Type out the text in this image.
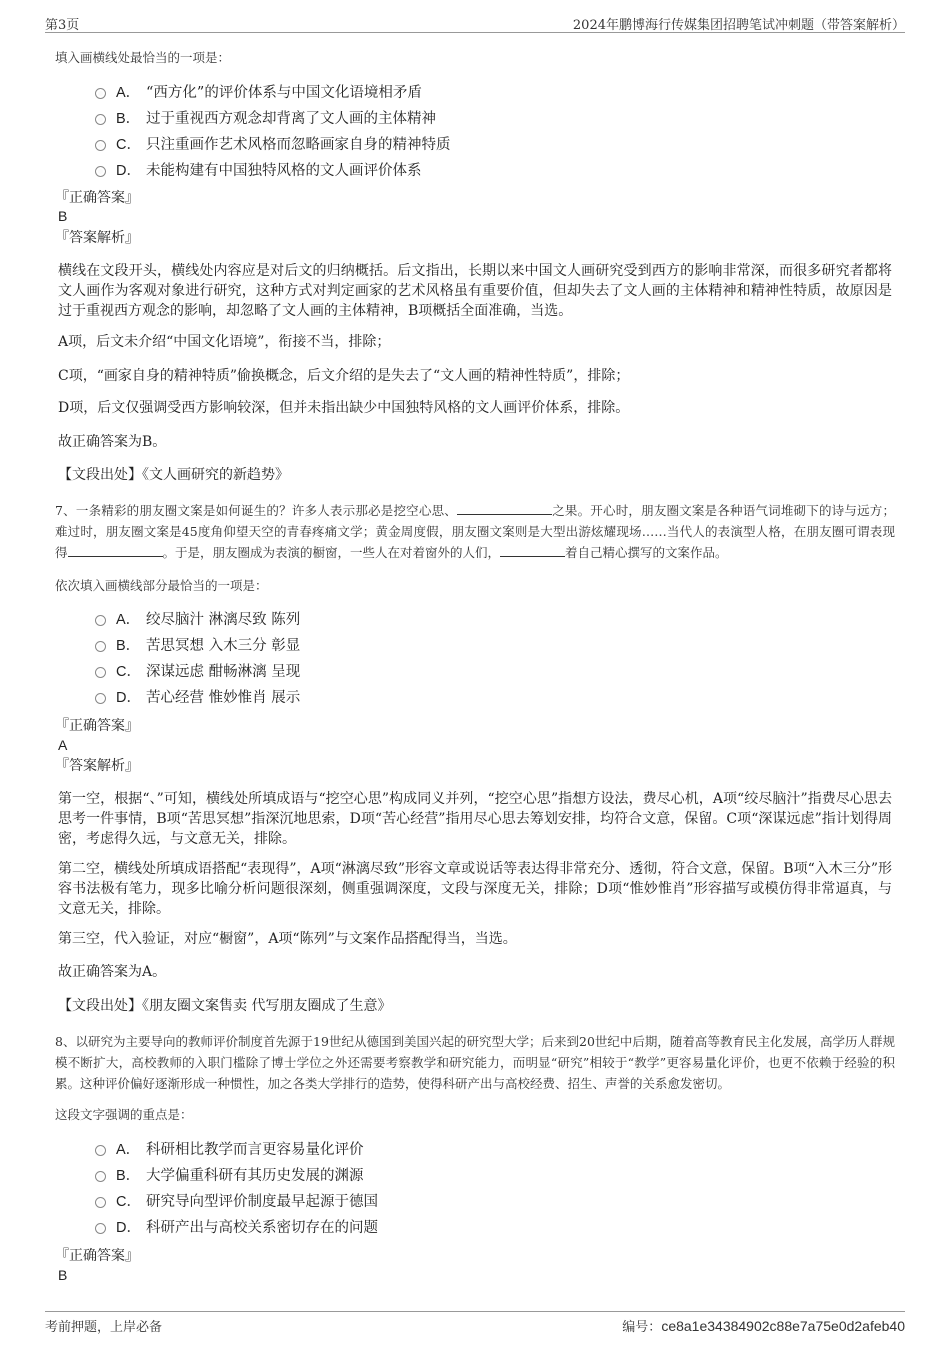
第3页	2024年鹏博海行传媒集团招聘笔试冲刺题（带答案解析）
填入画横线处最恰当的一项是：
A． “西方化”的评价体系与中国文化语境相矛盾
B． 过于重视西方观念却背离了文人画的主体精神
C． 只注重画作艺术风格而忽略画家自身的精神特质
D． 未能构建有中国独特风格的文人画评价体系
『正确答案』
B
『答案解析』
横线在文段开头，横线处内容应是对后文的归纳概括。后文指出，长期以来中国文人画研究受到西方的影响非常深，而很多研究者都将文人画作为客观对象进行研究，这种方式对判定画家的艺术风格虽有重要价值，但却失去了文人画的主体精神和精神性特质，故原因是过于重视西方观念的影响，却忽略了文人画的主体精神，B项概括全面准确，当选。
A项，后文未介绍“中国文化语境”，衔接不当，排除；
C项，“画家自身的精神特质”偷换概念，后文介绍的是失去了“文人画的精神性特质”，排除；
D项，后文仅强调受西方影响较深，但并未指出缺少中国独特风格的文人画评价体系，排除。
故正确答案为B。
【文段出处】《文人画研究的新趋势》
7、一条精彩的朋友圈文案是如何诞生的？许多人表示那必是挖空心思、	之果。开心时，朋友圈文案是各种语气词堆砌下的诗与远方；难过时，朋友圈文案是45度角仰望天空的青春疼痛文学；黄金周度假，朋友圈文案则是大型出游炫耀现场……当代人的表演型人格，在朋友圈可谓表现得	。于是，朋友圈成为表演的橱窗，一些人在对着窗外的人们，	着自己精心撰写的文案作品。
依次填入画横线部分最恰当的一项是：
A． 绞尽脑汁 淋漓尽致 陈列
B． 苦思冥想 入木三分 彰显
C． 深谋远虑 酣畅淋漓 呈现
D． 苦心经营 惟妙惟肖 展示
『正确答案』
A
『答案解析』
第一空，根据“、”可知，横线处所填成语与“挖空心思”构成同义并列，“挖空心思”指想方设法，费尽心机，A项“绞尽脑汁”指费尽心思去思考一件事情，B项“苦思冥想”指深沉地思索，D项“苦心经营”指用尽心思去筹划安排，均符合文意，保留。C项“深谋远虑”指计划得周密，考虑得久远，与文意无关，排除。
第二空，横线处所填成语搭配“表现得”，A项“淋漓尽致”形容文章或说话等表达得非常充分、透彻，符合文意，保留。B项“入木三分”形容书法极有笔力，现多比喻分析问题很深刻，侧重强调深度，文段与深度无关，排除；D项“惟妙惟肖”形容描写或模仿得非常逼真，与文意无关，排除。
第三空，代入验证，对应“橱窗”，A项“陈列”与文案作品搭配得当，当选。
故正确答案为A。
【文段出处】《朋友圈文案售卖 代写朋友圈成了生意》
8、以研究为主要导向的教师评价制度首先源于19世纪从德国到美国兴起的研究型大学；后来到20世纪中后期，随着高等教育民主化发展，高学历人群规模不断扩大，高校教师的入职门槛除了博士学位之外还需要考察教学和研究能力，而明显“研究”相较于“教学”更容易量化评价，也更不依赖于经验的积累。这种评价偏好逐渐形成一种惯性，加之各类大学排行的造势，使得科研产出与高校经费、招生、声誉的关系愈发密切。
这段文字强调的重点是：
A． 科研相比教学而言更容易量化评价
B． 大学偏重科研有其历史发展的渊源
C． 研究导向型评价制度最早起源于德国
D． 科研产出与高校关系密切存在的问题
『正确答案』
B
考前押题，上岸必备	编号：ce8a1e34384902c88e7a75e0d2afeb40
